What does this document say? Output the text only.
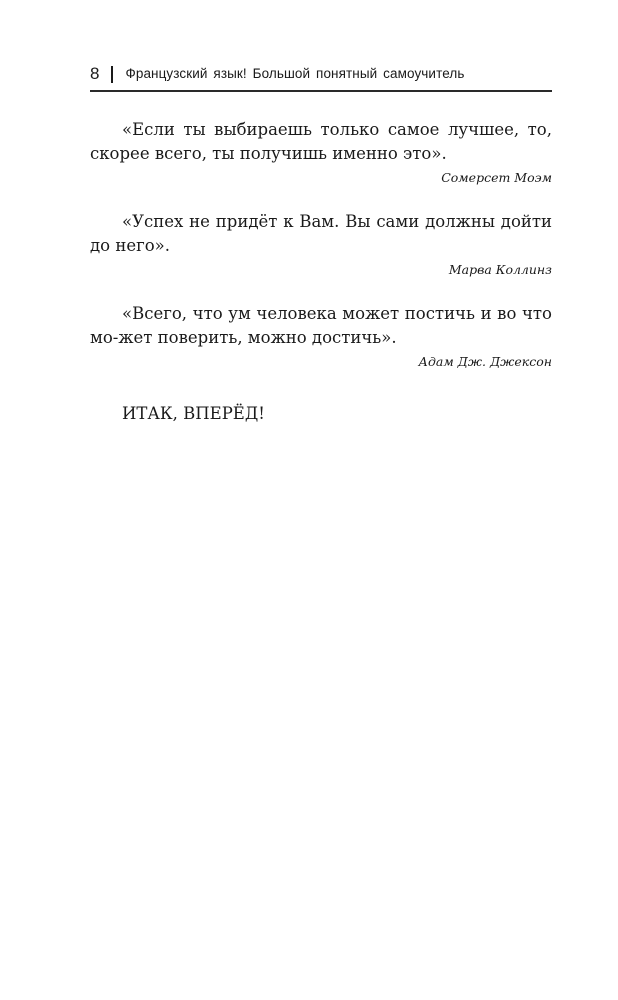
8 Французский язык! Большой понятный самоучитель

«Если ты выбираешь только самое лучшее, то, скорее всего, ты получишь именно это».

Сомерсет Моэм

«Успех не придёт к Вам. Вы сами должны дойти до него».

Марва Коллинз

«Всего, что ум человека может постичь и во что мо-жет поверить, можно достичь».

Адам Дж. Джексон

ИТАК, ВПЕРЁД!
